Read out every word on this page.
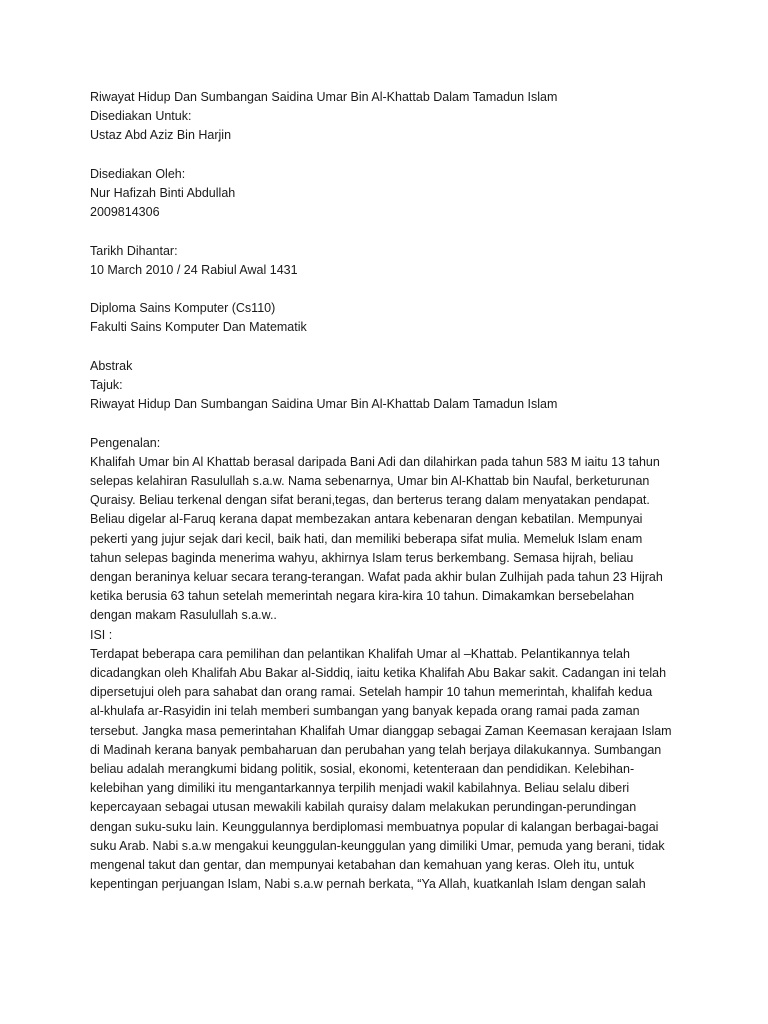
Riwayat Hidup Dan Sumbangan Saidina Umar Bin Al-Khattab Dalam Tamadun Islam
Disediakan Untuk:
Ustaz Abd Aziz Bin Harjin
Disediakan Oleh:
Nur Hafizah Binti Abdullah
2009814306
Tarikh Dihantar:
10 March 2010 / 24 Rabiul Awal 1431
Diploma Sains Komputer (Cs110)
Fakulti Sains Komputer Dan Matematik
Abstrak
Tajuk:
Riwayat Hidup Dan Sumbangan Saidina Umar Bin Al-Khattab Dalam Tamadun Islam
Pengenalan:
Khalifah Umar bin Al Khattab berasal daripada Bani Adi dan dilahirkan pada tahun 583 M iaitu 13 tahun
selepas kelahiran Rasulullah s.a.w. Nama sebenarnya, Umar bin Al-Khattab bin Naufal, berketurunan
Quraisy. Beliau terkenal dengan sifat berani,tegas, dan berterus terang dalam menyatakan pendapat.
Beliau digelar al-Faruq kerana dapat membezakan antara kebenaran dengan kebatilan. Mempunyai
pekerti yang jujur sejak dari kecil, baik hati, dan memiliki beberapa sifat mulia. Memeluk Islam enam
tahun selepas baginda menerima wahyu, akhirnya Islam terus berkembang. Semasa hijrah, beliau
dengan beraninya keluar secara terang-terangan. Wafat pada akhir bulan Zulhijah pada tahun 23 Hijrah
ketika berusia 63 tahun setelah memerintah negara kira-kira 10 tahun. Dimakamkan bersebelahan
dengan makam Rasulullah s.a.w..
ISI :
Terdapat beberapa cara pemilihan dan pelantikan Khalifah Umar al –Khattab. Pelantikannya telah
dicadangkan oleh Khalifah Abu Bakar al-Siddiq, iaitu ketika Khalifah Abu Bakar sakit. Cadangan ini telah
dipersetujui oleh para sahabat dan orang ramai. Setelah hampir 10 tahun memerintah, khalifah kedua
al-khulafa ar-Rasyidin ini telah memberi sumbangan yang banyak kepada orang ramai pada zaman
tersebut. Jangka masa pemerintahan Khalifah Umar dianggap sebagai Zaman Keemasan kerajaan Islam
di Madinah kerana banyak pembaharuan dan perubahan yang telah berjaya dilakukannya. Sumbangan
beliau adalah merangkumi bidang politik, sosial, ekonomi, ketenteraan dan pendidikan. Kelebihan-
kelebihan yang dimiliki itu mengantarkannya terpilih menjadi wakil kabilahnya. Beliau selalu diberi
kepercayaan sebagai utusan mewakili kabilah quraisy dalam melakukan perundingan-perundingan
dengan suku-suku lain. Keunggulannya berdiplomasi membuatnya popular di kalangan berbagai-bagai
suku Arab. Nabi s.a.w mengakui keunggulan-keunggulan yang dimiliki Umar, pemuda yang berani, tidak
mengenal takut dan gentar, dan mempunyai ketabahan dan kemahuan yang keras. Oleh itu, untuk
kepentingan perjuangan Islam, Nabi s.a.w pernah berkata, “Ya Allah, kuatkanlah Islam dengan salah
